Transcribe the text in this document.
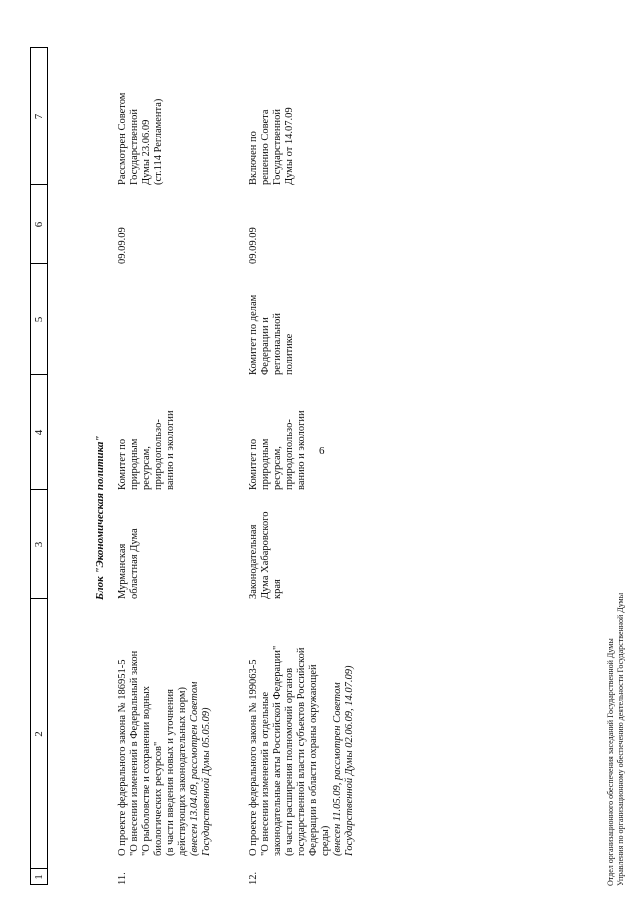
6
1
2
3
4
5
6
7
Блок "Экономическая политика"
11.
О проекте федерального закона № 186951-5 "О внесении изменений в Федеральный закон "О рыболовстве и сохранении водных биологических ресурсов" (в части введения новых и уточнения действующих законодательных норм) (внесен 13.04.09, рассмотрен Советом Государственной Думы 05.05.09)
Мурманская областная Дума
Комитет по природным ресурсам, природопользо- ванию и экологии
09.09.09
Рассмотрен Советом Государственной Думы 23.06.09 (ст.114 Регламента)
12.
О проекте федерального закона № 199063-5 "О внесении изменений в отдельные законодательные акты Российской Федерации" (в части расширения полномочий органов государственной власти субъектов Российской Федерации в области охраны окружающей среды) (внесен 11.05.09, рассмотрен Советом Государственной Думы 02.06.09, 14.07.09)
Законодательная Дума Хабаровского края
Комитет по природным ресурсам, природопользо- ванию и экологии
Комитет по делам Федерации и региональной политике
09.09.09
Включен по решению Совета Государственной Думы от 14.07.09
Отдел организационного обеспечения заседаний Государственной Думы Управления по организационному обеспечению деятельности Государственной Думы
